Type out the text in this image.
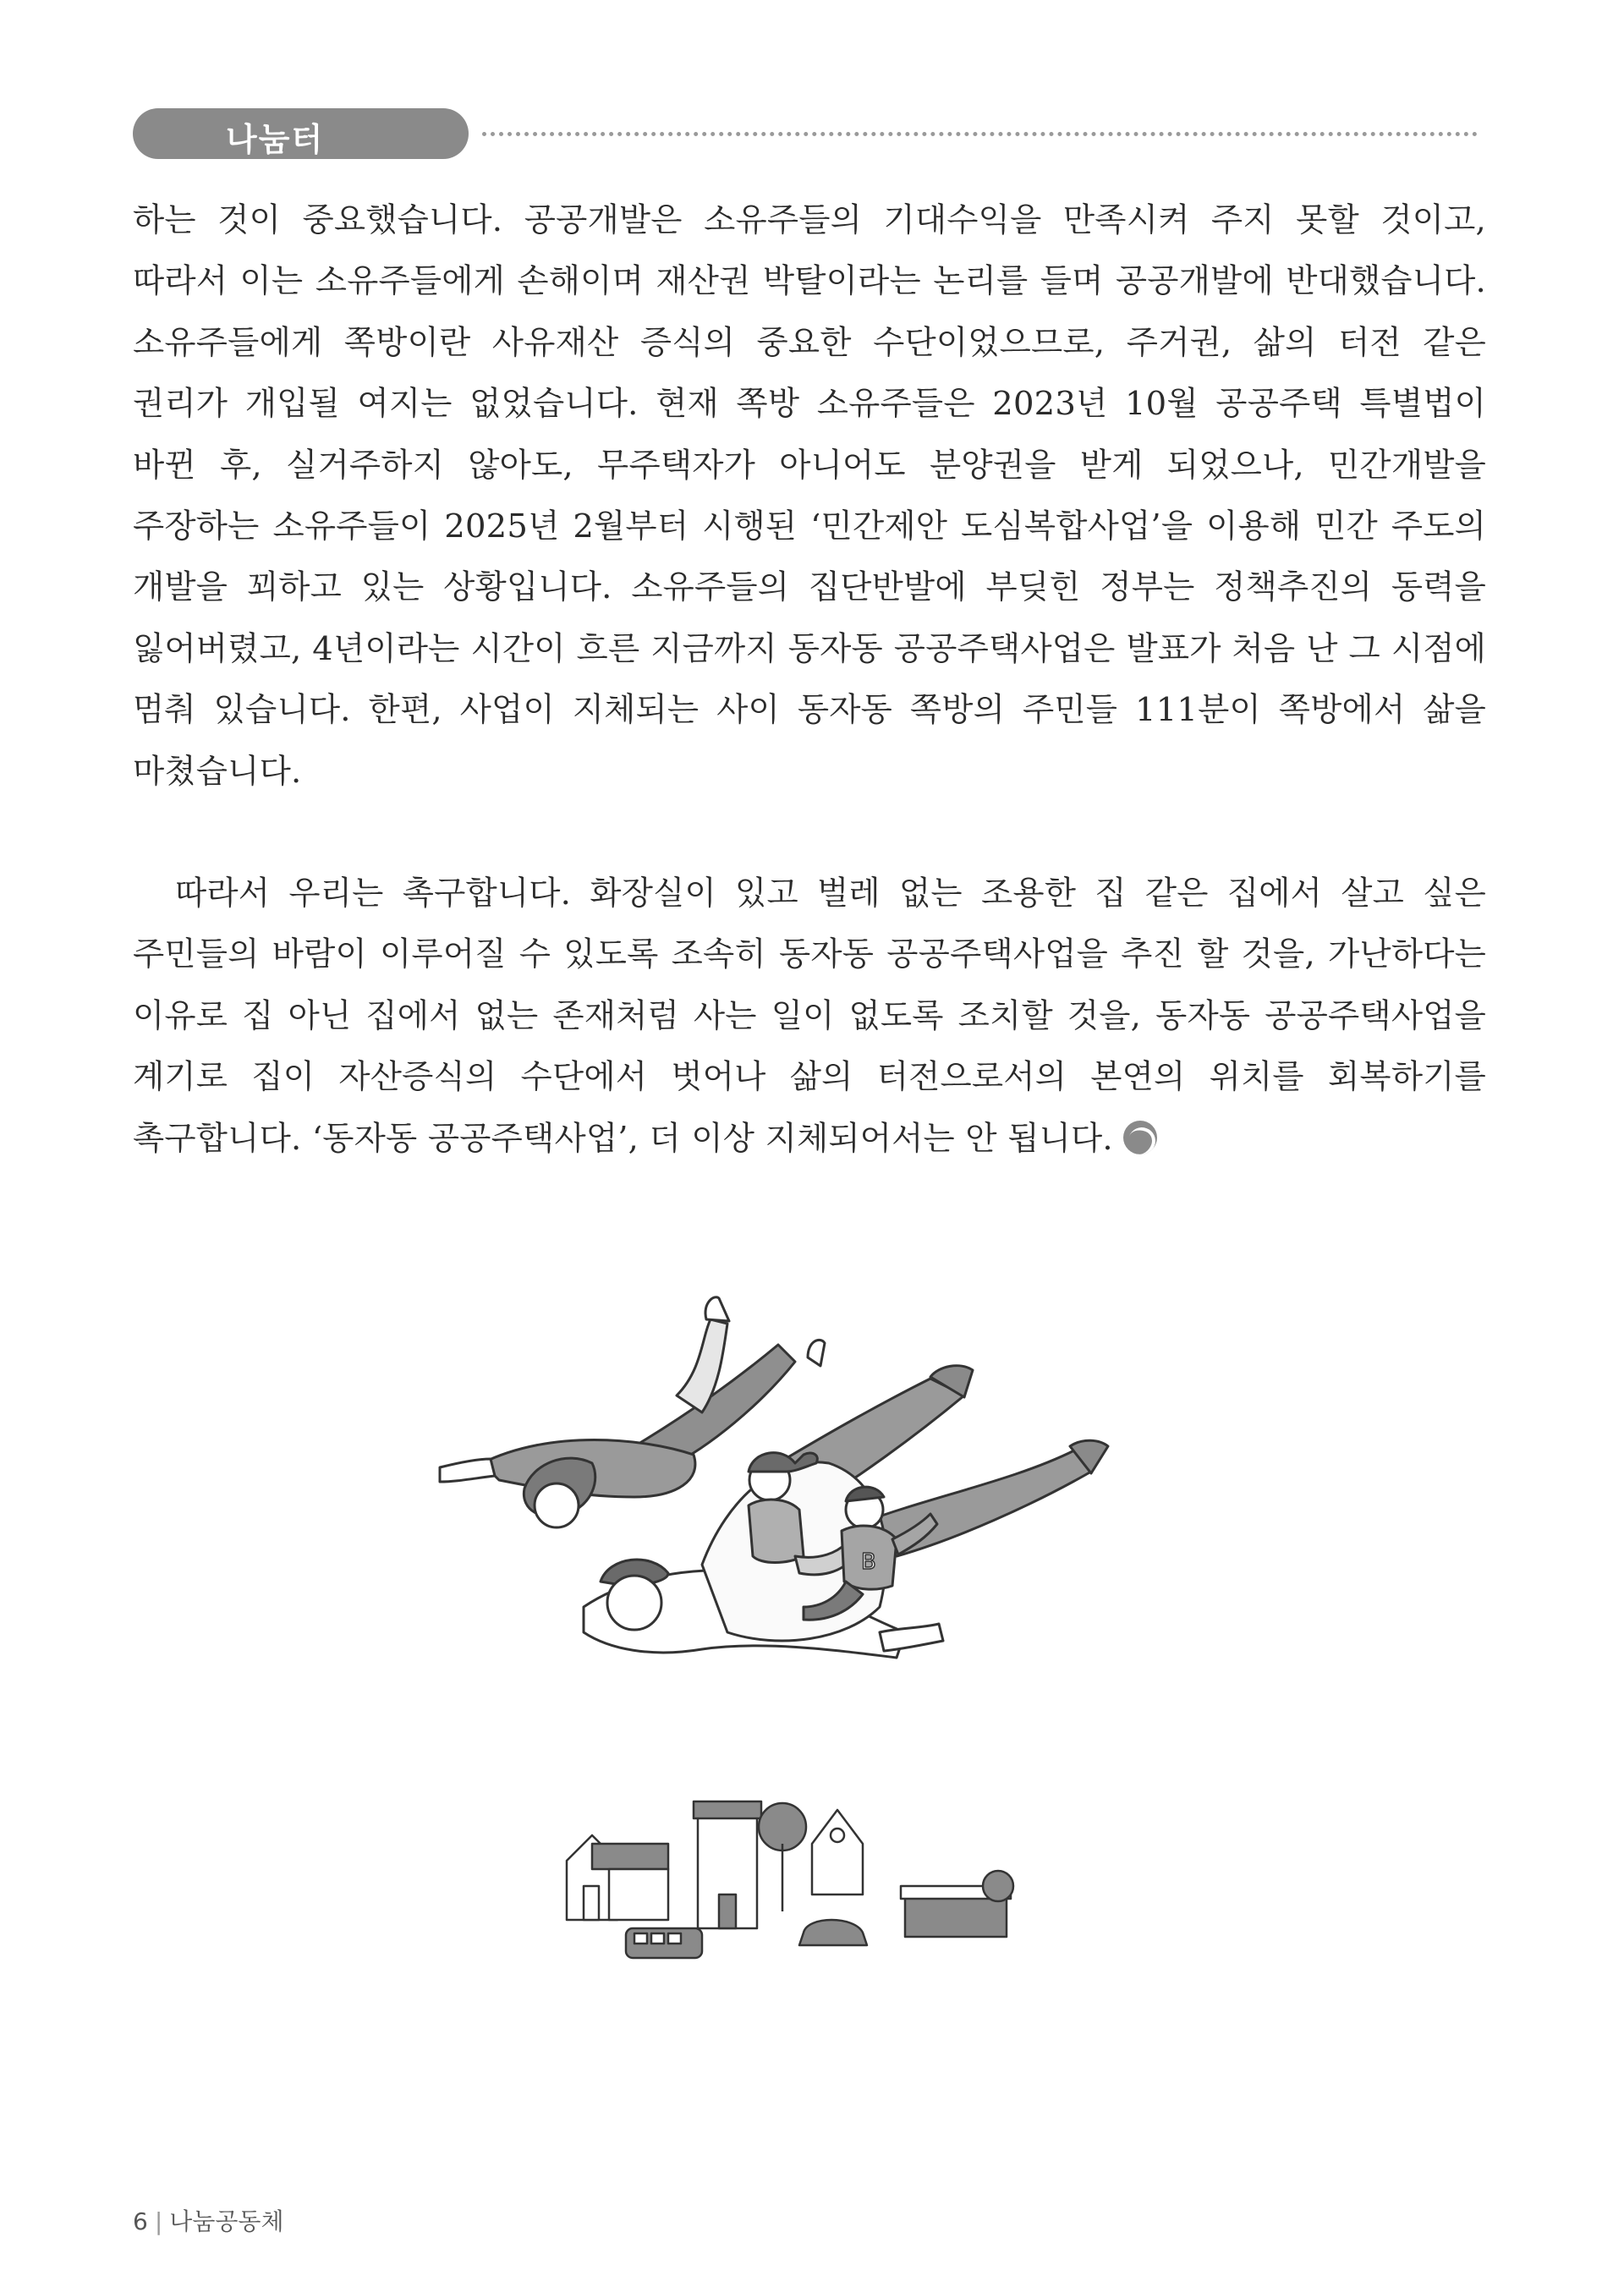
나눔터

하는 것이 중요했습니다. 공공개발은 소유주들의 기대수익을 만족시켜 주지 못할 것이고, 따라서 이는 소유주들에게 손해이며 재산권 박탈이라는 논리를 들며 공공개발에 반대했습니다. 소유주들에게 쪽방이란 사유재산 증식의 중요한 수단이었으므로, 주거권, 삶의 터전 같은 권리가 개입될 여지는 없었습니다. 현재 쪽방 소유주들은 2023년 10월 공공주택 특별법이 바뀐 후, 실거주하지 않아도, 무주택자가 아니어도 분양권을 받게 되었으나, 민간개발을 주장하는 소유주들이 2025년 2월부터 시행된 ‘민간제안 도심복합사업’을 이용해 민간 주도의 개발을 꾀하고 있는 상황입니다. 소유주들의 집단반발에 부딪힌 정부는 정책추진의 동력을 잃어버렸고, 4년이라는 시간이 흐른 지금까지 동자동 공공주택사업은 발표가 처음 난 그 시점에 멈춰 있습니다. 한편, 사업이 지체되는 사이 동자동 쪽방의 주민들 111분이 쪽방에서 삶을 마쳤습니다.

따라서 우리는 촉구합니다. 화장실이 있고 벌레 없는 조용한 집 같은 집에서 살고 싶은 주민들의 바람이 이루어질 수 있도록 조속히 동자동 공공주택사업을 추진 할 것을, 가난하다는 이유로 집 아닌 집에서 없는 존재처럼 사는 일이 없도록 조치할 것을, 동자동 공공주택사업을 계기로 집이 자산증식의 수단에서 벗어나 삶의 터전으로서의 본연의 위치를 회복하기를 촉구합니다. ‘동자동 공공주택사업’, 더 이상 지체되어서는 안 됩니다.

B
6 | 나눔공동체
